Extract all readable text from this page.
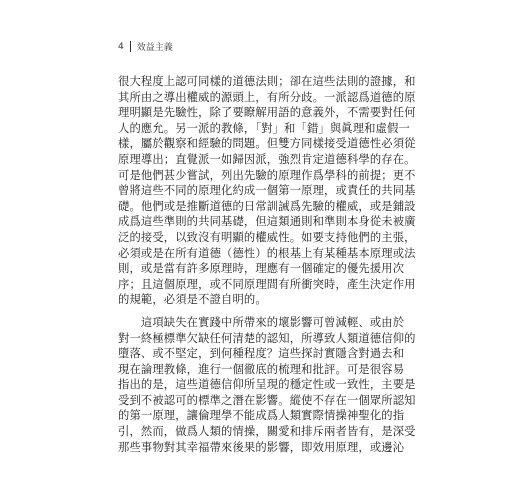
4 效益主義
很大程度上認可同樣的道德法則；卻在這些法則的證據，和
其所由之導出權威的源頭上，有所分歧。一派認爲道德的原
理明顯是先驗性，除了要瞭解用語的意義外，不需要對任何
人的應允。另一派的教條，「對」和「錯」與眞理和虛假一
樣，屬於觀察和經驗的問題。但雙方同樣接受道德性必須從
原理導出；直覺派一如歸因派，強烈肯定道德科學的存在。
可是他們甚少嘗試，列出先驗的原理作爲學科的前提；更不
曾將這些不同的原理化約成一個第一原理，或責任的共同基
礎。他們或是推斷道德的日常訓誡爲先驗的權威，或是鋪設
成爲這些準則的共同基礎，但這類通則和準則本身從未被廣
泛的接受，以致沒有明顯的權威性。如要支持他們的主張，
必須或是在所有道德（德性）的根基上有某種基本原理或法
則，或是當有許多原理時，理應有一個確定的優先援用次
序；且這個原理，或不同原理間有所衝突時，產生決定作用
的規範，必須是不證自明的。
　　這項缺失在實踐中所帶來的壞影響可曾減輕、或由於
對一終極標準欠缺任何清楚的認知，所導致人類道德信仰的
墮落、或不堅定，到何種程度？這些探討實隱含對過去和
現在論理教條，進行一個徹底的梳理和批評。可是很容易
指出的是，這些道德信仰所呈現的穩定性或一致性，主要是
受到不被認可的標準之潛在影響。縱使不存在一個眾所認知
的第一原理，讓倫理學不能成爲人類實際情操神聖化的指
引，然而，做爲人類的情操，關愛和排斥兩者皆有，是深受
那些事物對其幸福帶來後果的影響，即效用原理，或邊沁
